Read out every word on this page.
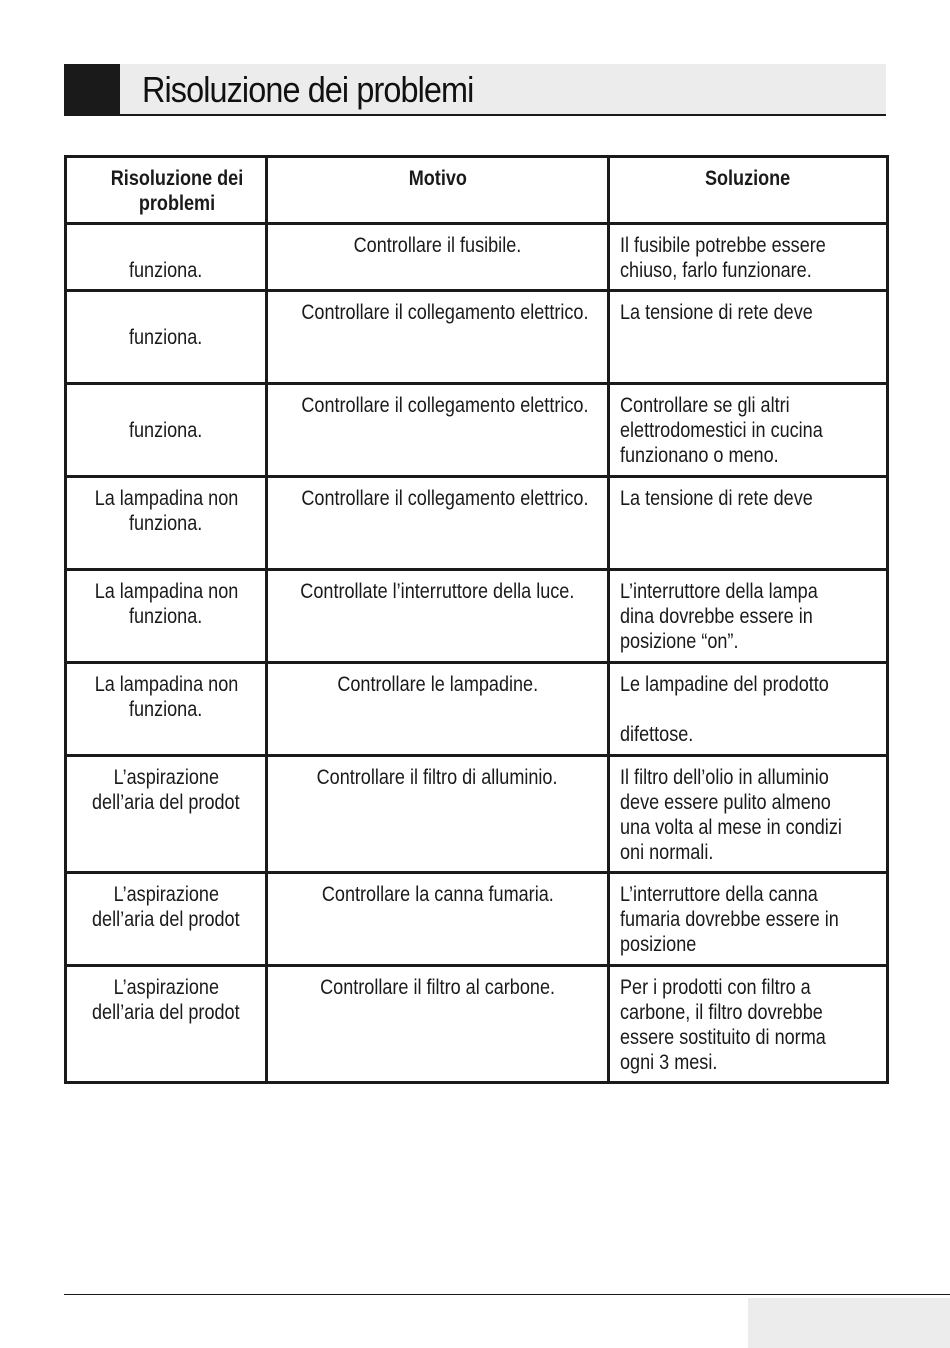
Risoluzione dei problemi
Risoluzione dei problemi	Motivo	Soluzione

funziona.	Controllare il fusibile.	Il fusibile potrebbe essere
chiuso, farlo funzionare.

funziona.	Controllare il collegamento elettrico.	La tensione di rete deve

funziona.	Controllare il collegamento elettrico.	Controllare se gli altri
elettrodomestici in cucina
funzionano o meno.

La lampadina non
funziona.	Controllare il collegamento elettrico.	La tensione di rete deve

La lampadina non
funziona.	Controllate l’interruttore della luce.	L’interruttore della lampa
dina dovrebbe essere in
posizione “on”.

La lampadina non
funziona.	Controllare le lampadine.	Le lampadine del prodotto
difettose.

L’aspirazione
dell’aria del prodot	Controllare il filtro di alluminio.	Il filtro dell’olio in alluminio
deve essere pulito almeno
una volta al mese in condizi
oni normali.

L’aspirazione
dell’aria del prodot	Controllare la canna fumaria.	L’interruttore della canna
fumaria dovrebbe essere in
posizione

L’aspirazione
dell’aria del prodot	Controllare il filtro al carbone.	Per i prodotti con filtro a
carbone, il filtro dovrebbe
essere sostituito di norma
ogni 3 mesi.
